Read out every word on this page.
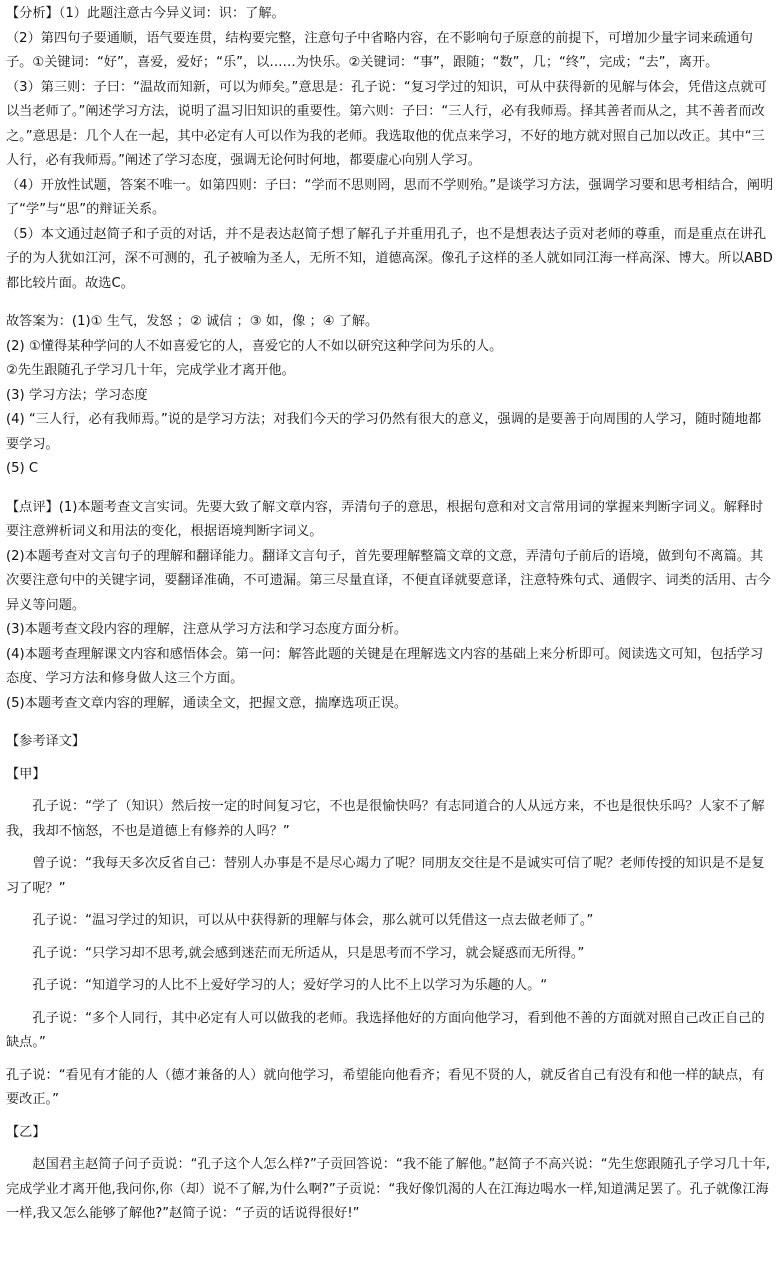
【分析】（1）此题注意古今异义词：识：了解。

（2）第四句子要通顺，语气要连贯，结构要完整，注意句子中省略内容，在不影响句子原意的前提下，可增加少量字词来疏通句子。①关键词：“好”，喜爱，爱好；“乐”，以……为快乐。②关键词：“事”，跟随；“数”，几；“终”，完成；“去”，离开。

（3）第三则：子曰：“温故而知新，可以为师矣。”意思是：孔子说：“复习学过的知识，可从中获得新的见解与体会，凭借这点就可以当老师了。”阐述学习方法，说明了温习旧知识的重要性。第六则：子曰：“三人行，必有我师焉。择其善者而从之，其不善者而改之。”意思是：几个人在一起，其中必定有人可以作为我的老师。我选取他的优点来学习，不好的地方就对照自己加以改正。其中“三人行，必有我师焉。”阐述了学习态度，强调无论何时何地，都要虚心向别人学习。

（4）开放性试题，答案不唯一。如第四则：子曰：“学而不思则罔，思而不学则殆。”是谈学习方法，强调学习要和思考相结合，阐明了“学”与“思”的辩证关系。

（5）本文通过赵简子和子贡的对话，并不是表达赵简子想了解孔子并重用孔子，也不是想表达子贡对老师的尊重，而是重点在讲孔子的为人犹如江河，深不可测的，孔子被喻为圣人，无所不知，道德高深。像孔子这样的圣人就如同江海一样高深、博大。所以ABD都比较片面。故选C。

故答案为：(1)① 生气，发怒 ；② 诚信 ；③ 如，像 ；④ 了解。

(2) ①懂得某种学问的人不如喜爱它的人，喜爱它的人不如以研究这种学问为乐的人。

②先生跟随孔子学习几十年，完成学业才离开他。

(3) 学习方法；学习态度

(4) “三人行，必有我师焉。”说的是学习方法；对我们今天的学习仍然有很大的意义，强调的是要善于向周围的人学习，随时随地都要学习。

(5) C

【点评】(1)本题考查文言实词。先要大致了解文章内容，弄清句子的意思，根据句意和对文言常用词的掌握来判断字词义。解释时要注意辨析词义和用法的变化，根据语境判断字词义。

(2)本题考查对文言句子的理解和翻译能力。翻译文言句子，首先要理解整篇文章的文意，弄清句子前后的语境，做到句不离篇。其次要注意句中的关键字词，要翻译准确，不可遗漏。第三尽量直译，不便直译就要意译，注意特殊句式、通假字、词类的活用、古今异义等问题。

(3)本题考查文段内容的理解，注意从学习方法和学习态度方面分析。

(4)本题考查理解课文内容和感悟体会。第一问：解答此题的关键是在理解选文内容的基础上来分析即可。阅读选文可知，包括学习态度、学习方法和修身做人这三个方面。

(5)本题考查文章内容的理解，通读全文，把握文意，揣摩选项正误。

【参考译文】

【甲】

孔子说：“学了（知识）然后按一定的时间复习它，不也是很愉快吗？有志同道合的人从远方来，不也是很快乐吗？人家不了解我，我却不恼怒，不也是道德上有修养的人吗？”

曾子说：“我每天多次反省自己：替别人办事是不是尽心竭力了呢？同朋友交往是不是诚实可信了呢？老师传授的知识是不是复习了呢？”

孔子说：“温习学过的知识，可以从中获得新的理解与体会，那么就可以凭借这一点去做老师了。”

孔子说：“只学习却不思考,就会感到迷茫而无所适从，只是思考而不学习，就会疑惑而无所得。”

孔子说：“知道学习的人比不上爱好学习的人；爱好学习的人比不上以学习为乐趣的人。“

孔子说：“多个人同行，其中必定有人可以做我的老师。我选择他好的方面向他学习，看到他不善的方面就对照自己改正自己的缺点。”

孔子说：“看见有才能的人（德才兼备的人）就向他学习，希望能向他看齐；看见不贤的人，就反省自己有没有和他一样的缺点，有要改正。”

【乙】

赵国君主赵简子问子贡说：“孔子这个人怎么样?”子贡回答说：“我不能了解他。”赵简子不高兴说：“先生您跟随孔子学习几十年,完成学业才离开他,我问你,你（却）说不了解,为什么啊?”子贡说：“我好像饥渴的人在江海边喝水一样,知道满足罢了。孔子就像江海一样,我又怎么能够了解他?”赵简子说：“子贡的话说得很好!”
